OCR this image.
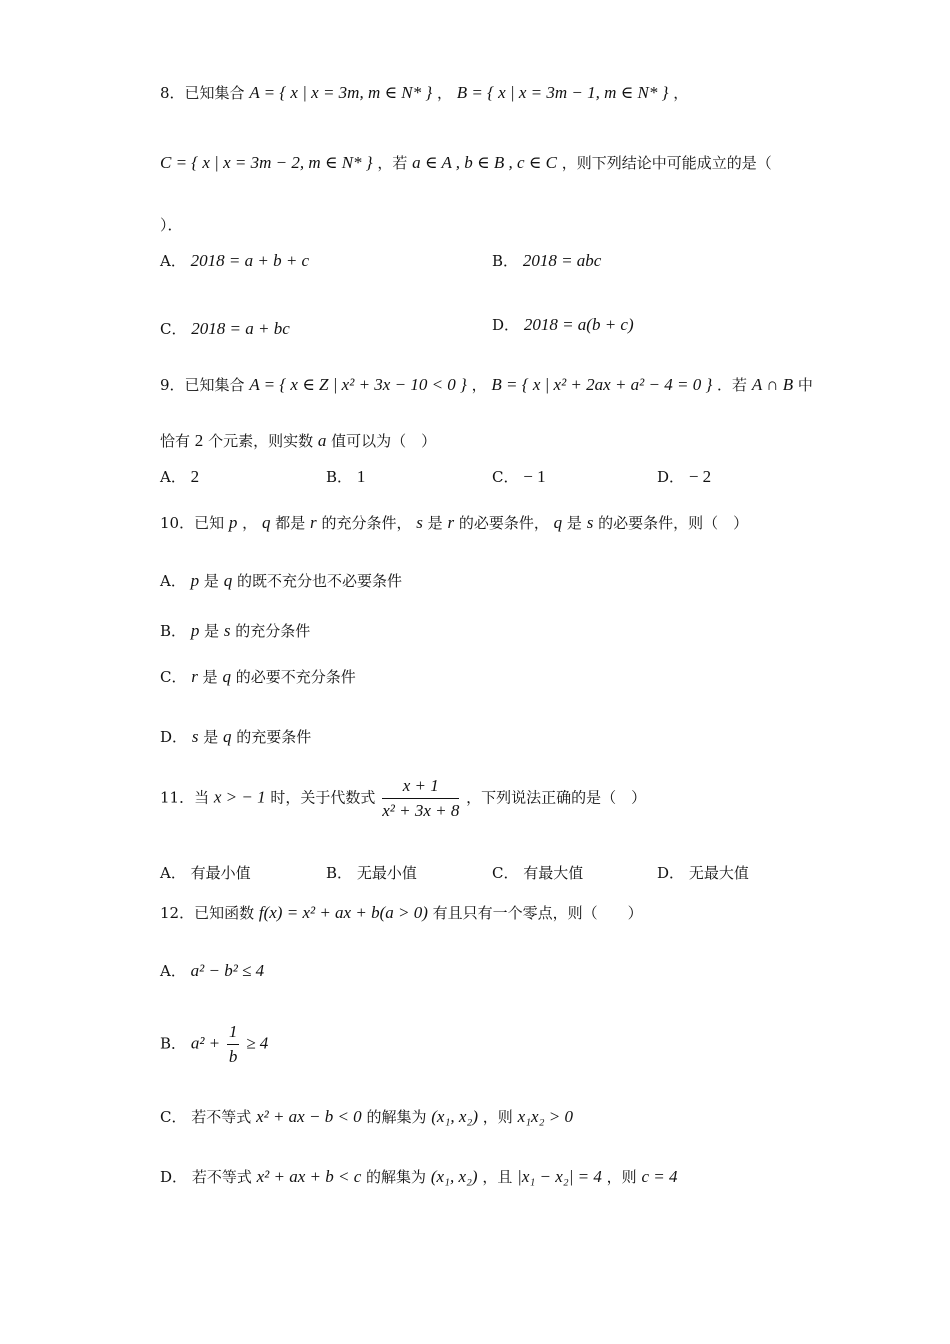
8．已知集合 A = { x | x = 3m, m ∈ N* } ， B = { x | x = 3m − 1, m ∈ N* } ，
C = { x | x = 3m − 2, m ∈ N* } ，若 a ∈ A , b ∈ B , c ∈ C ，则下列结论中可能成立的是（
）．
A． 2018 = a + b + c	B． 2018 = abc
C． 2018 = a + bc	D． 2018 = a(b + c)
9．已知集合 A = { x ∈ Z | x² + 3x − 10 < 0 } ， B = { x | x² + 2ax + a² − 4 = 0 } ．若 A ∩ B 中
恰有 2 个元素，则实数 a 值可以为（　）
A． 2	B． 1	C． − 1	D． − 2
10．已知 p ， q 都是 r 的充分条件， s 是 r 的必要条件， q 是 s 的必要条件，则（　）
A． p 是 q 的既不充分也不必要条件
B． p 是 s 的充分条件
C． r 是 q 的必要不充分条件
D． s 是 q 的充要条件
11．当 x > − 1 时，关于代数式 $\frac{x + 1}{\text{x² + 3x + 8}}$ ，下列说法正确的是（　）
A． 有最小值	B． 无最小值	C． 有最大值	D． 无最大值
12．已知函数 f(x) = x² + ax + b(a > 0) 有且只有一个零点，则（　　）
A． a² − b² ≤ 4
B． $a^2 + \frac{1}{b} \ge 4$
C． 若不等式 x² + ax − b < 0 的解集为 (x₁, x₂) ，则 x₁x₂ > 0
D． 若不等式 x² + ax + b < c 的解集为 (x₁, x₂) ，且 |x₁ − x₂| = 4 ，则 c = 4
